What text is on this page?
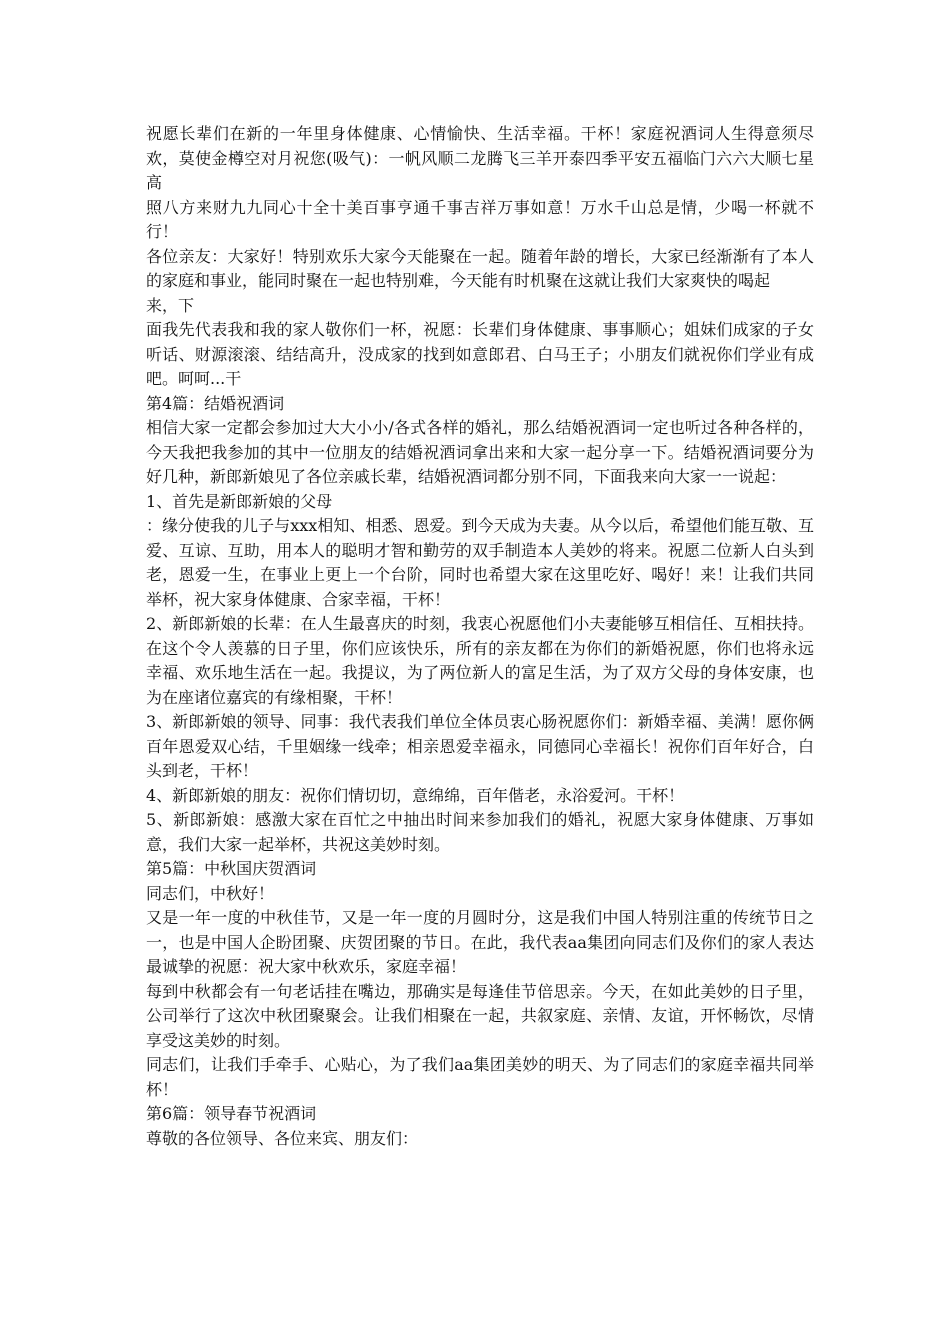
祝愿长辈们在新的一年里身体健康、心情愉快、生活幸福。干杯！家庭祝酒词人生得意须尽欢，莫使金樽空对月祝您(吸气)：一帆风顺二龙腾飞三羊开泰四季平安五福临门六六大顺七星高

照八方来财九九同心十全十美百事亨通千事吉祥万事如意！万水千山总是情，少喝一杯就不行！

各位亲友：大家好！特别欢乐大家今天能聚在一起。随着年龄的增长，大家已经渐渐有了本人的家庭和事业，能同时聚在一起也特别难，今天能有时机聚在这就让我们大家爽快的喝起

来，下

面我先代表我和我的家人敬你们一杯，祝愿：长辈们身体健康、事事顺心；姐妹们成家的子女听话、财源滚滚、结结高升，没成家的找到如意郎君、白马王子；小朋友们就祝你们学业有成吧。呵呵...干

第4篇：结婚祝酒词

相信大家一定都会参加过大大小小/各式各样的婚礼，那么结婚祝酒词一定也听过各种各样的，今天我把我参加的其中一位朋友的结婚祝酒词拿出来和大家一起分享一下。结婚祝酒词要分为好几种，新郎新娘见了各位亲戚长辈，结婚祝酒词都分别不同，下面我来向大家一一说起：

1、首先是新郎新娘的父母

：缘分使我的儿子与xxx相知、相悉、恩爱。到今天成为夫妻。从今以后，希望他们能互敬、互爱、互谅、互助，用本人的聪明才智和勤劳的双手制造本人美妙的将来。祝愿二位新人白头到老，恩爱一生，在事业上更上一个台阶，同时也希望大家在这里吃好、喝好！来！让我们共同举杯，祝大家身体健康、合家幸福，干杯！

2、新郎新娘的长辈：在人生最喜庆的时刻，我衷心祝愿他们小夫妻能够互相信任、互相扶持。在这个令人羡慕的日子里，你们应该快乐，所有的亲友都在为你们的新婚祝愿，你们也将永远幸福、欢乐地生活在一起。我提议，为了两位新人的富足生活，为了双方父母的身体安康，也为在座诸位嘉宾的有缘相聚，干杯！

3、新郎新娘的领导、同事：我代表我们单位全体员衷心肠祝愿你们：新婚幸福、美满！愿你俩百年恩爱双心结，千里姻缘一线牵；相亲恩爱幸福永，同德同心幸福长！祝你们百年好合，白头到老，干杯！

4、新郎新娘的朋友：祝你们情切切，意绵绵，百年偕老，永浴爱河。干杯！

5、新郎新娘：感激大家在百忙之中抽出时间来参加我们的婚礼，祝愿大家身体健康、万事如意，我们大家一起举杯，共祝这美妙时刻。

第5篇：中秋国庆贺酒词

同志们，中秋好！

又是一年一度的中秋佳节，又是一年一度的月圆时分，这是我们中国人特别注重的传统节日之一，也是中国人企盼团聚、庆贺团聚的节日。在此，我代表aa集团向同志们及你们的家人表达最诚挚的祝愿：祝大家中秋欢乐，家庭幸福！

每到中秋都会有一句老话挂在嘴边，那确实是每逢佳节倍思亲。今天，在如此美妙的日子里，公司举行了这次中秋团聚聚会。让我们相聚在一起，共叙家庭、亲情、友谊，开怀畅饮，尽情享受这美妙的时刻。

同志们，让我们手牵手、心贴心，为了我们aa集团美妙的明天、为了同志们的家庭幸福共同举杯！

第6篇：领导春节祝酒词

尊敬的各位领导、各位来宾、朋友们：
